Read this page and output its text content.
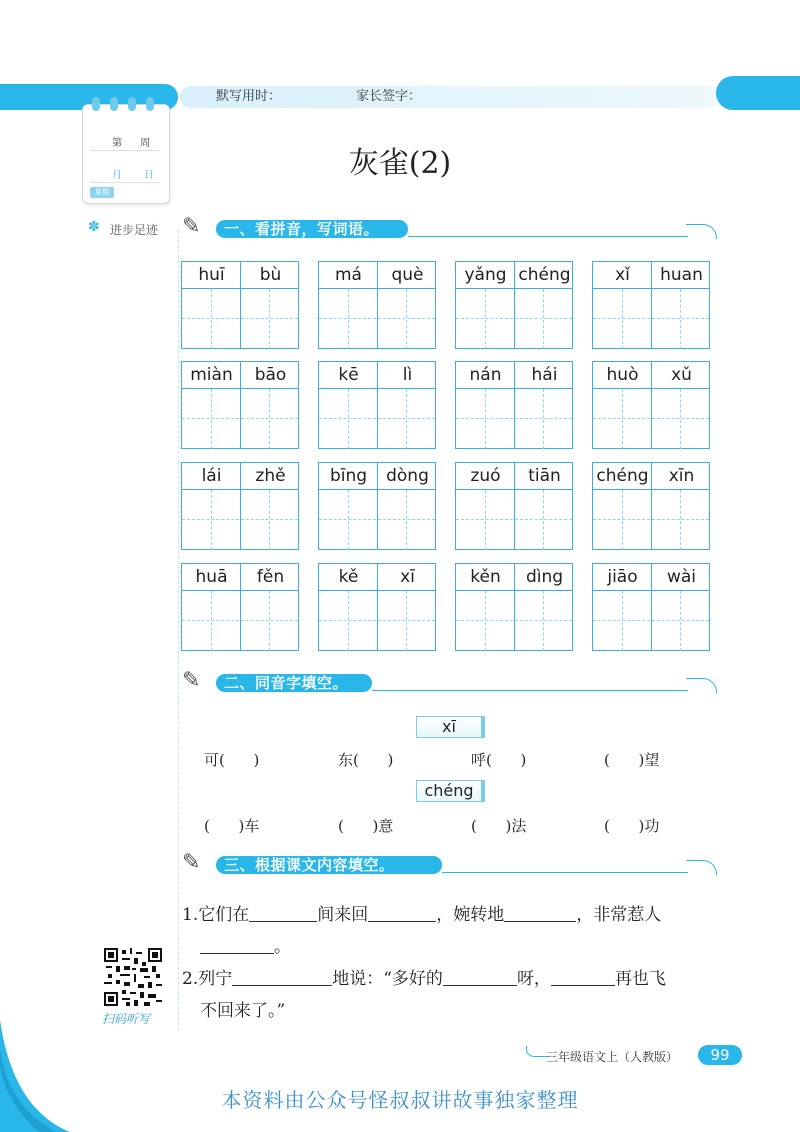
默写用时：	家长签字：
第 周
月 日
星期
✽ 进步足迹
灰雀(2)
✎ 一、看拼音，写词语。
huī	bù	má	què	yǎng chéng	xǐ	huan
miàn	bāo	kē	lì	nán	hái	huò	xǔ
lái	zhě	bīng	dòng	zuó	tiān	chéng	xīn
huā	fěn	kě	xī	kěn	dìng	jiāo	wài
✎ 二、同音字填空。
xī
可(      )	东(      )	呼(      )	(      )望
chéng
(      )车	(      )意	(      )法	(      )功
✎ 三、根据课文内容填空。
1.它们在	间来回	，婉转地	，非常惹人
。
2.列宁	地说：“多好的	呀，	再也飞
不回来了。”
扫码听写
三年级语文上（人教版）	99
本资料由公众号怪叔叔讲故事独家整理
